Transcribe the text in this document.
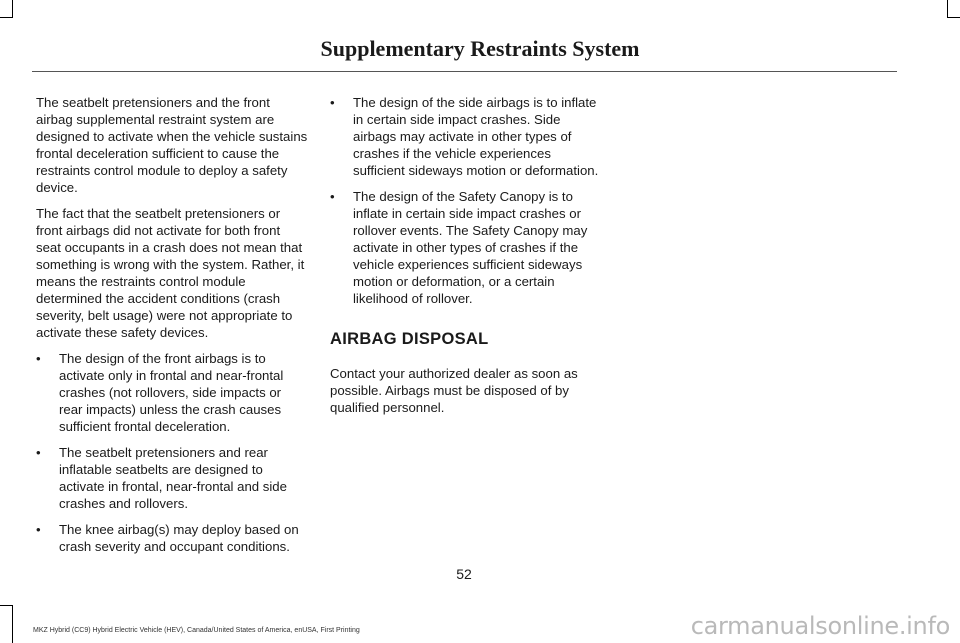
Supplementary Restraints System

The seatbelt pretensioners and the front airbag supplemental restraint system are designed to activate when the vehicle sustains frontal deceleration sufficient to cause the restraints control module to deploy a safety device.

The fact that the seatbelt pretensioners or front airbags did not activate for both front seat occupants in a crash does not mean that something is wrong with the system. Rather, it means the restraints control module determined the accident conditions (crash severity, belt usage) were not appropriate to activate these safety devices.

• The design of the front airbags is to activate only in frontal and near-frontal crashes (not rollovers, side impacts or rear impacts) unless the crash causes sufficient frontal deceleration.
• The seatbelt pretensioners and rear inflatable seatbelts are designed to activate in frontal, near-frontal and side crashes and rollovers.
• The knee airbag(s) may deploy based on crash severity and occupant conditions.
• The design of the side airbags is to inflate in certain side impact crashes. Side airbags may activate in other types of crashes if the vehicle experiences sufficient sideways motion or deformation.
• The design of the Safety Canopy is to inflate in certain side impact crashes or rollover events. The Safety Canopy may activate in other types of crashes if the vehicle experiences sufficient sideways motion or deformation, or a certain likelihood of rollover.
AIRBAG DISPOSAL

Contact your authorized dealer as soon as possible. Airbags must be disposed of by qualified personnel.

52
MKZ Hybrid (CC9) Hybrid Electric Vehicle (HEV), Canada/United States of America, enUSA, First Printing	carmanualsonline.info
